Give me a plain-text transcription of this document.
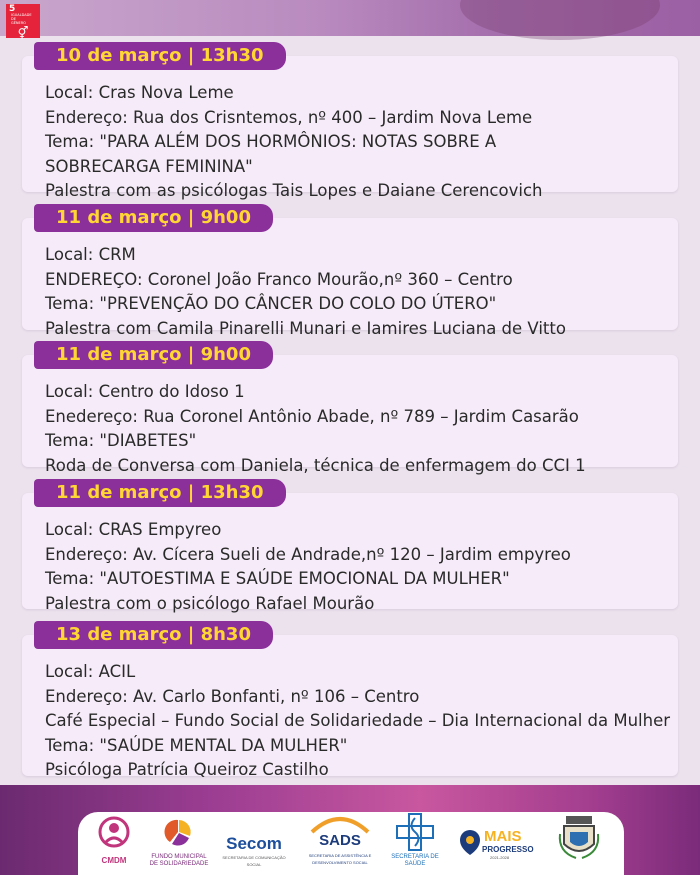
5 IGUALDADE DE GÊNERO
⚥
10 de março | 13h30
Local: Cras Nova Leme
Endereço: Rua dos Crisntemos, nº 400 – Jardim Nova Leme
Tema: "PARA ALÉM DOS HORMÔNIOS: NOTAS SOBRE A
SOBRECARGA FEMININA"
Palestra com as psicólogas Tais Lopes e Daiane Cerencovich
11 de março | 9h00
Local: CRM
ENDEREÇO: Coronel João Franco Mourão,nº 360 – Centro
Tema: "PREVENÇÃO DO CÂNCER DO COLO DO ÚTERO"
Palestra com Camila Pinarelli Munari e Iamires Luciana de Vitto
11 de março | 9h00
Local: Centro do Idoso 1
Enedereço: Rua Coronel Antônio Abade, nº 789 – Jardim Casarão
Tema: "DIABETES"
Roda de Conversa com Daniela, técnica de enfermagem do CCI 1
11 de março | 13h30
Local: CRAS Empyreo
Endereço: Av. Cícera Sueli de Andrade,nº 120 – Jardim empyreo
Tema: "AUTOESTIMA E SAÚDE EMOCIONAL DA MULHER"
Palestra com o psicólogo Rafael Mourão
13 de março | 8h30
Local: ACIL
Endereço: Av. Carlo Bonfanti, nº 106 – Centro
Café Especial – Fundo Social de Solidariedade – Dia Internacional da Mulher
Tema: "SAÚDE MENTAL DA MULHER"
Psicóloga Patrícia Queiroz Castilho
CMDM	FUNDO MUNICIPAL DE SOLIDARIEDADE
Secom
SECRETARIA DE COMUNICAÇÃO SOCIAL
SADS
SECRETARIA DE ASSISTÊNCIA E DESENVOLVIMENTO SOCIAL
SECRETARIA DE SAÚDE
MAIS
PROGRESSO
2021-2028
